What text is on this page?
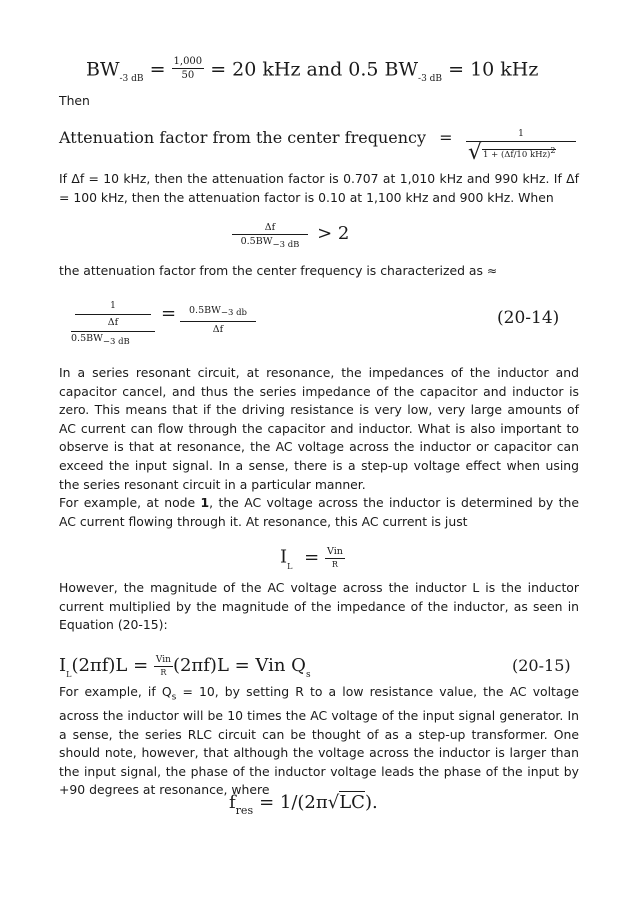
$BW_{-3 dB} = \frac{1,000}{50} = 20$ kHz and 0.5 $BW_{-3 dB} = 10$ kHz
Then
Attenuation factor from the center frequency =	1
√1 + (Δf/10 kHz)$^2$
If Δf = 10 kHz, then the attenuation factor is 0.707 at 1,010 kHz and 990 kHz. If Δf = 100 kHz, then the attenuation factor is 0.10 at 1,100 kHz and 900 kHz. When
$\frac{\Delta f}{0.5BW-3 dB} > 2$
the attenuation factor from the center frequency is characterized as ≈
1
Δf
0.5BW−3 dB
=	0.5BW−3 db
Δf
(20-14)
In a series resonant circuit, at resonance, the impedances of the inductor and capacitor cancel, and thus the series impedance of the capacitor and inductor is zero. This means that if the driving resistance is very low, very large amounts of AC current can flow through the capacitor and inductor. What is also important to observe is that at resonance, the AC voltage across the inductor or capacitor can exceed the input signal. In a sense, there is a step-up voltage effect when using the series resonant circuit in a particular manner.
For example, at node 1, the AC voltage across the inductor is determined by the AC current flowing through it. At resonance, this AC current is just
$I_L = \frac{\text{Vin}}{R}$
However, the magnitude of the AC voltage across the inductor L is the inductor current multiplied by the magnitude of the impedance of the inductor, as seen in Equation (20-15):
$I_L(2\pi f)L = \frac{\text{Vin}}{R} (2\pi f)L$ = Vin $Q_s$	(20-15)
For example, if $Q_s = 10$, by setting R to a low resistance value, the AC voltage across the inductor will be 10 times the AC voltage of the input signal generator. In a sense, the series RLC circuit can be thought of as a step-up transformer. One should note, however, that although the voltage across the inductor is larger than the input signal, the phase of the inductor voltage leads the phase of the input by +90 degrees at resonance, where
$f_{res} = 1/(2\pi√LC)$.
